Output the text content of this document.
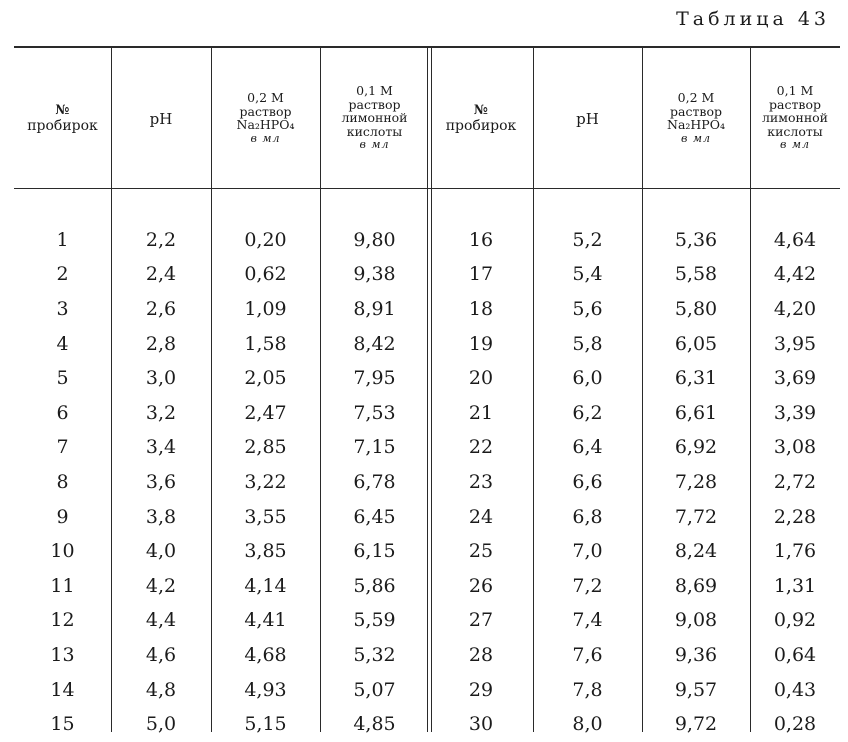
Таблица 43
№
пробирок	pH	0,2 М
раствор
Na₂HPO₄
в мл	0,1 М
раствор
лимонной
кислоты
в мл	№
пробирок	pH	0,2 М
раствор
Na₂HPO₄
в мл	0,1 М
раствор
лимонной
кислоты
в мл

1	2,2	0,20	9,80	16	5,2	5,36	4,64
2	2,4	0,62	9,38	17	5,4	5,58	4,42
3	2,6	1,09	8,91	18	5,6	5,80	4,20
4	2,8	1,58	8,42	19	5,8	6,05	3,95
5	3,0	2,05	7,95	20	6,0	6,31	3,69
6	3,2	2,47	7,53	21	6,2	6,61	3,39
7	3,4	2,85	7,15	22	6,4	6,92	3,08
8	3,6	3,22	6,78	23	6,6	7,28	2,72
9	3,8	3,55	6,45	24	6,8	7,72	2,28
10	4,0	3,85	6,15	25	7,0	8,24	1,76
11	4,2	4,14	5,86	26	7,2	8,69	1,31
12	4,4	4,41	5,59	27	7,4	9,08	0,92
13	4,6	4,68	5,32	28	7,6	9,36	0,64
14	4,8	4,93	5,07	29	7,8	9,57	0,43
15	5,0	5,15	4,85	30	8,0	9,72	0,28
